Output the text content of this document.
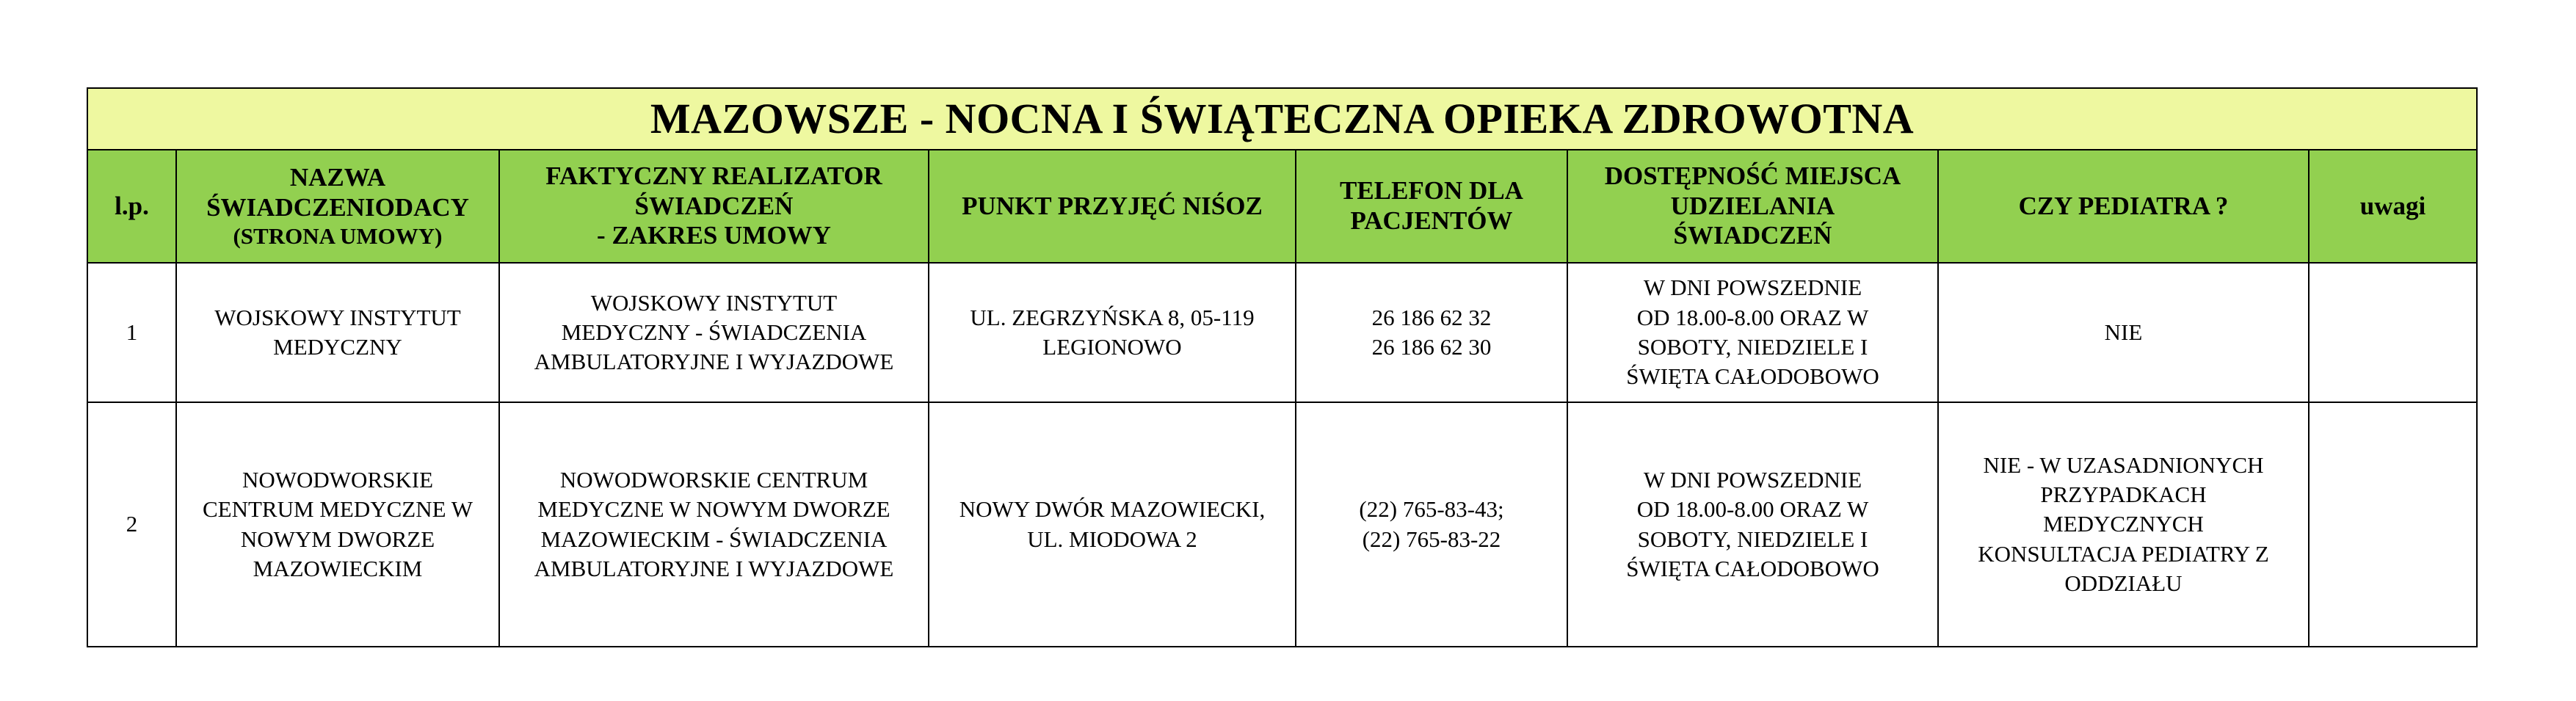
MAZOWSZE - NOCNA I ŚWIĄTECZNA OPIEKA ZDROWOTNA							
l.p.	NAZWA
ŚWIADCZENIODACY
(STRONA UMOWY)	FAKTYCZNY REALIZATOR
ŚWIADCZEŃ
- ZAKRES UMOWY	PUNKT PRZYJĘĆ NIŚOZ	TELEFON DLA
PACJENTÓW	DOSTĘPNOŚĆ MIEJSCA
UDZIELANIA
ŚWIADCZEŃ	CZY PEDIATRA ?	uwagi
1	WOJSKOWY INSTYTUT
MEDYCZNY	WOJSKOWY INSTYTUT
MEDYCZNY - ŚWIADCZENIA
AMBULATORYJNE I WYJAZDOWE	UL. ZEGRZYŃSKA 8, 05-119
LEGIONOWO	26 186 62 32
26 186 62 30	W DNI POWSZEDNIE
OD 18.00-8.00 ORAZ W
SOBOTY, NIEDZIELE I
ŚWIĘTA CAŁODOBOWO	NIE	

2	NOWODWORSKIE
CENTRUM MEDYCZNE W
NOWYM DWORZE
MAZOWIECKIM	NOWODWORSKIE CENTRUM
MEDYCZNE W NOWYM DWORZE
MAZOWIECKIM - ŚWIADCZENIA
AMBULATORYJNE I WYJAZDOWE	NOWY DWÓR MAZOWIECKI,
UL. MIODOWA 2	(22) 765-83-43;
(22) 765-83-22	W DNI POWSZEDNIE
OD 18.00-8.00 ORAZ W
SOBOTY, NIEDZIELE I
ŚWIĘTA CAŁODOBOWO	NIE - W UZASADNIONYCH
PRZYPADKACH
MEDYCZNYCH
KONSULTACJA PEDIATRY Z
ODDZIAŁU	
